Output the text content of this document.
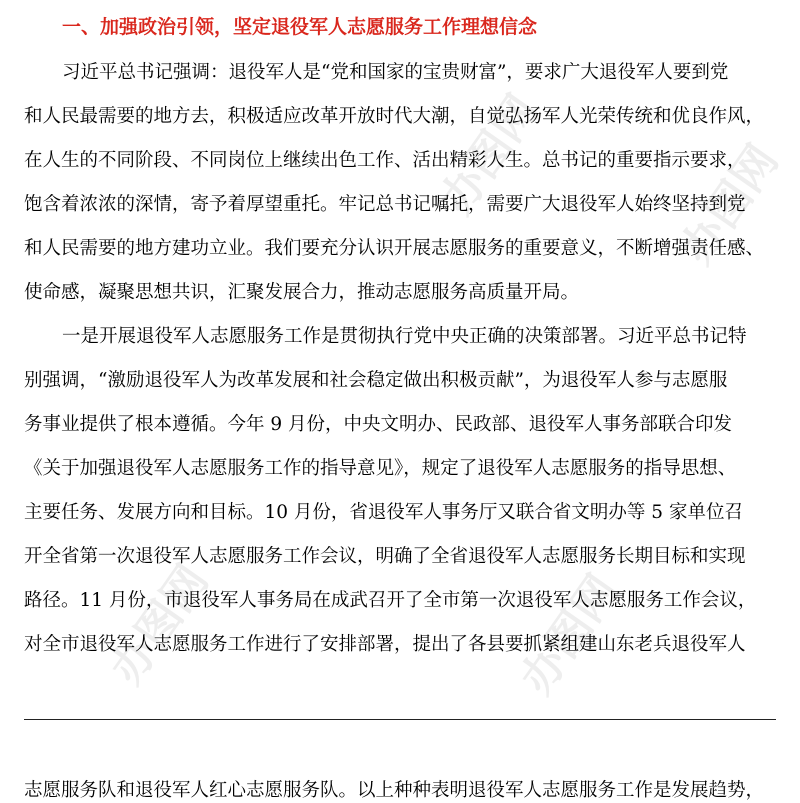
办图网	办图网
办图网	办图网
一、加强政治引领，坚定退役军人志愿服务工作理想信念
习近平总书记强调：退役军人是“党和国家的宝贵财富”，要求广大退役军人要到党
和人民最需要的地方去，积极适应改革开放时代大潮，自觉弘扬军人光荣传统和优良作风，
在人生的不同阶段、不同岗位上继续出色工作、活出精彩人生。总书记的重要指示要求，
饱含着浓浓的深情，寄予着厚望重托。牢记总书记嘱托，需要广大退役军人始终坚持到党
和人民需要的地方建功立业。我们要充分认识开展志愿服务的重要意义，不断增强责任感、
使命感，凝聚思想共识，汇聚发展合力，推动志愿服务高质量开局。
一是开展退役军人志愿服务工作是贯彻执行党中央正确的决策部署。习近平总书记特
别强调，“激励退役军人为改革发展和社会稳定做出积极贡献”，为退役军人参与志愿服
务事业提供了根本遵循。今年 9 月份，中央文明办、民政部、退役军人事务部联合印发
《关于加强退役军人志愿服务工作的指导意见》，规定了退役军人志愿服务的指导思想、
主要任务、发展方向和目标。10 月份，省退役军人事务厅又联合省文明办等 5 家单位召
开全省第一次退役军人志愿服务工作会议，明确了全省退役军人志愿服务长期目标和实现
路径。11 月份，市退役军人事务局在成武召开了全市第一次退役军人志愿服务工作会议，
对全市退役军人志愿服务工作进行了安排部署，提出了各县要抓紧组建山东老兵退役军人
志愿服务队和退役军人红心志愿服务队。以上种种表明退役军人志愿服务工作是发展趋势，
